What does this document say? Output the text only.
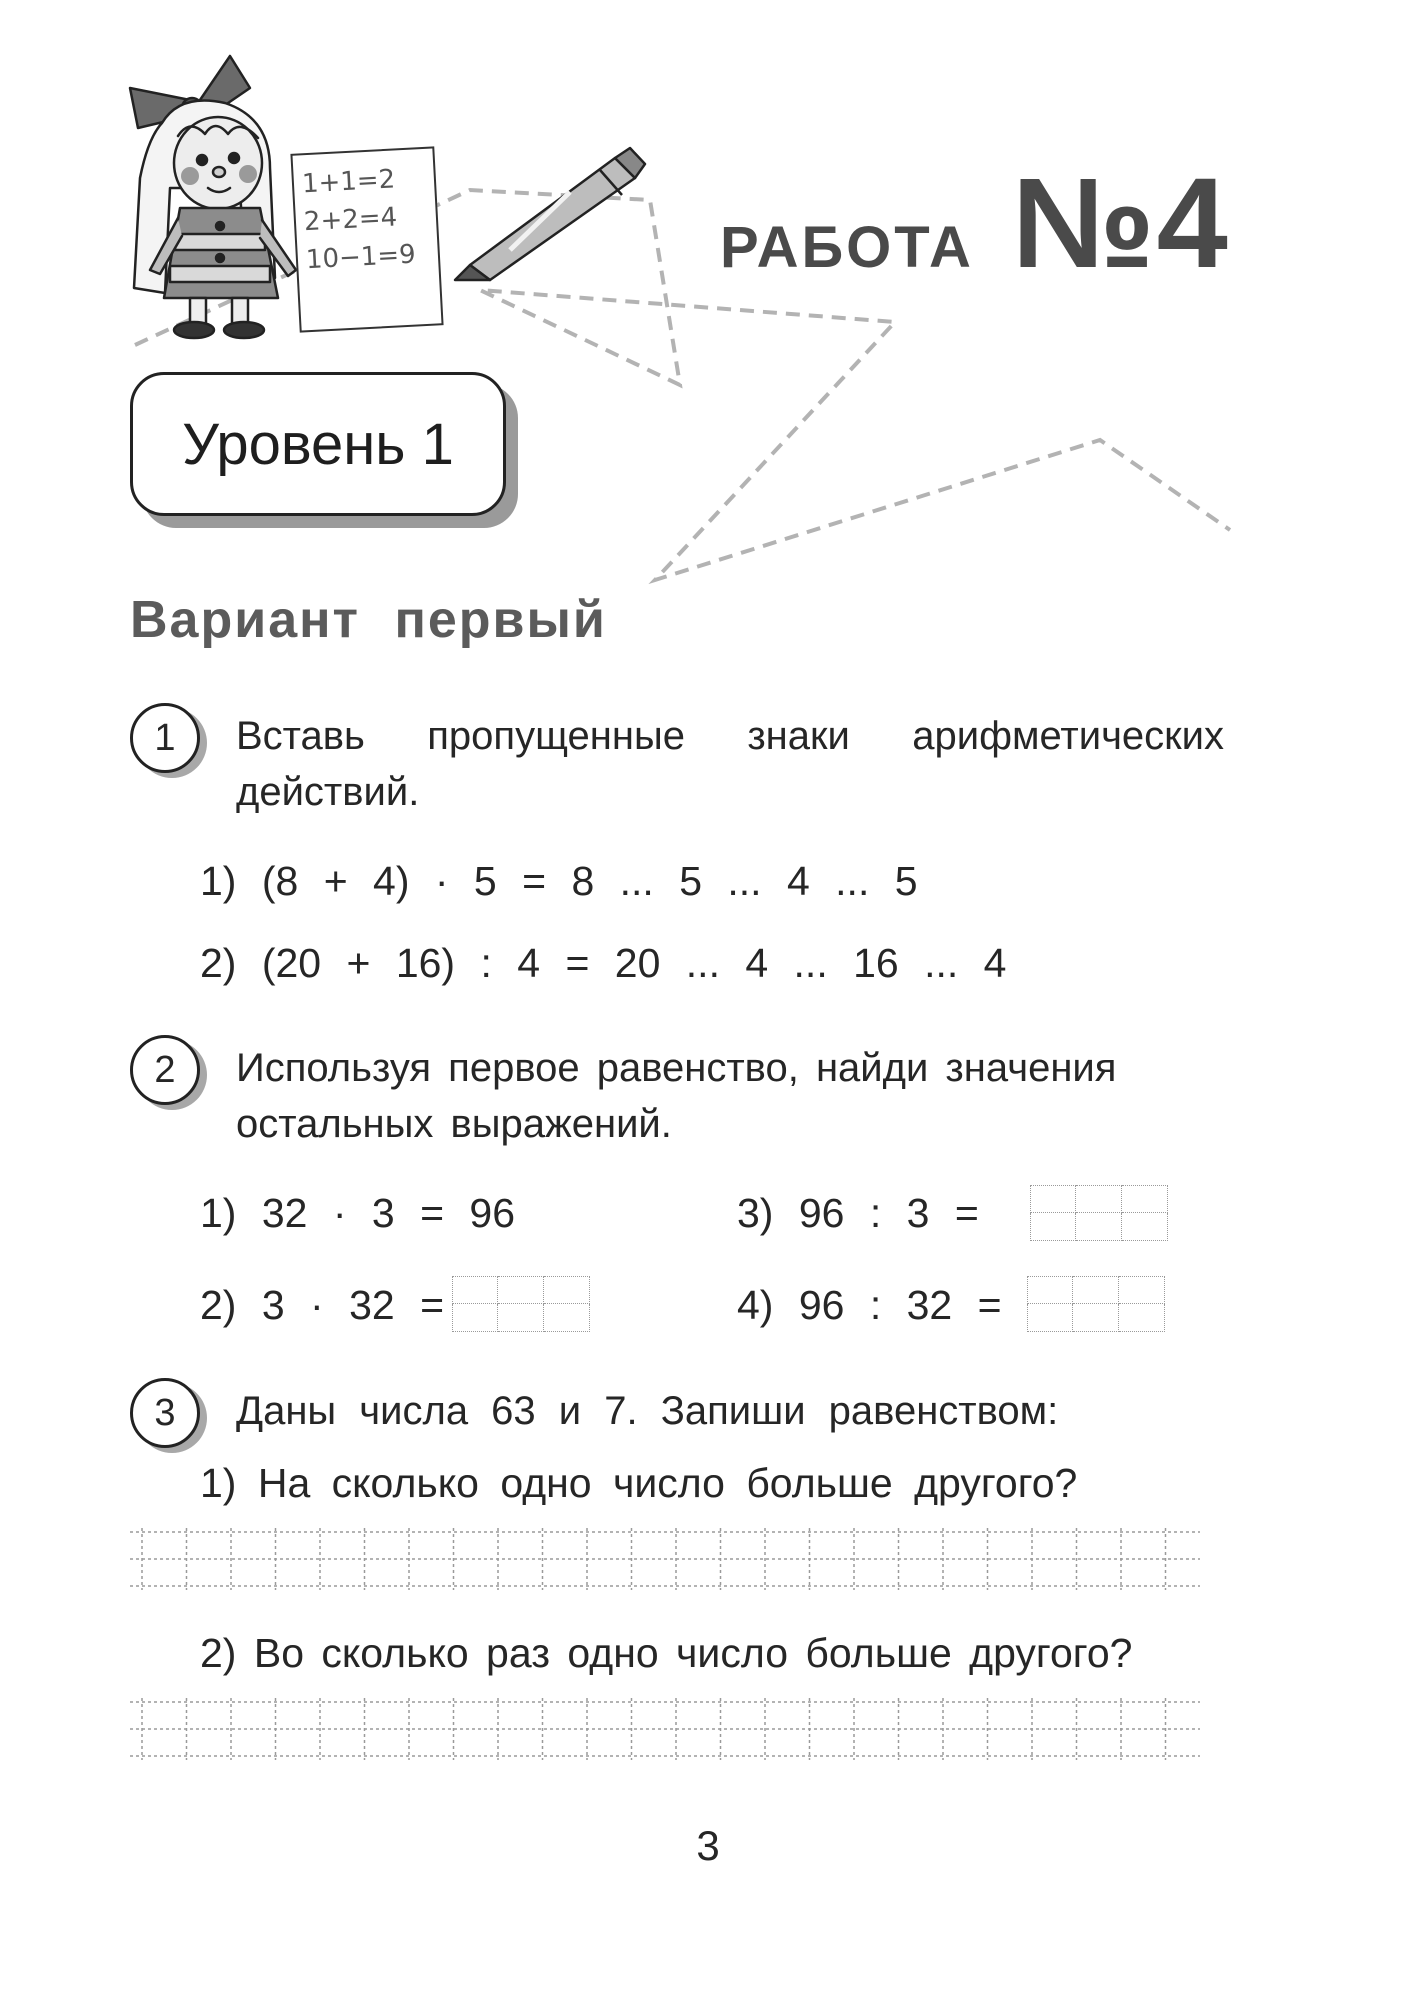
1+1=2
2+2=4
10−1=9	РАБОТА №4
Уровень 1
Вариант первый
1 Вставь пропущенные знаки арифметических действий.
1) (8 + 4) · 5 = 8 ... 5 ... 4 ... 5
2) (20 + 16) : 4 = 20 ... 4 ... 16 ... 4
2 Используя первое равенство, найди значения остальных выражений.
1) 32 · 3 = 96
2) 3 · 32 =
3) 96 : 3 =
4) 96 : 32 =
3 Даны числа 63 и 7. Запиши равенством:
1) На сколько одно число больше другого?
2) Во сколько раз одно число больше другого?
3
